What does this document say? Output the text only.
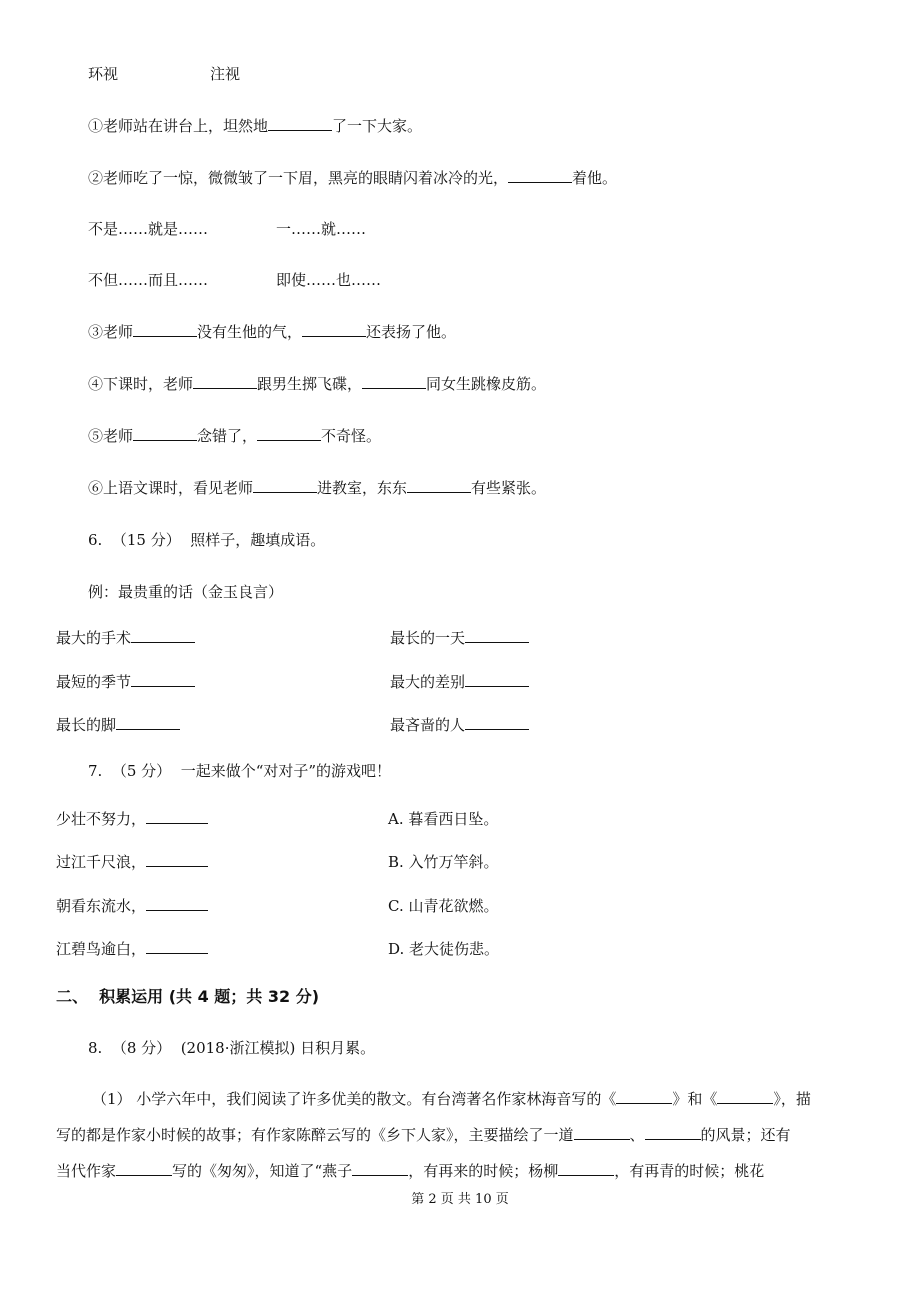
环视	注视
①老师站在讲台上，坦然地	了一下大家。
②老师吃了一惊，微微皱了一下眉，黑亮的眼睛闪着冰冷的光，	着他。
不是……就是……	一……就……
不但……而且……	即使……也……
③老师	没有生他的气，	还表扬了他。
④下课时，老师	跟男生掷飞碟，	同女生跳橡皮筋。
⑤老师	念错了，	不奇怪。
⑥上语文课时，看见老师	进教室，东东	有些紧张。
6.  （15 分）  照样子，趣填成语。
例：最贵重的话（金玉良言）
最大的手术	最长的一天
最短的季节	最大的差别
最长的脚	最吝啬的人
7.  （5 分）  一起来做个“对对子”的游戏吧！
少壮不努力，	A. 暮看西日坠。
过江千尺浪，	B. 入竹万竿斜。
朝看东流水，	C. 山青花欲燃。
江碧鸟逾白，	D. 老大徒伤悲。
二、  积累运用 (共 4 题；共 32 分)
8.  （8 分）  (2018·浙江模拟) 日积月累。
（1） 小学六年中，我们阅读了许多优美的散文。有台湾著名作家林海音写的《	》和《	》，描
写的都是作家小时候的故事；有作家陈醉云写的《乡下人家》，主要描绘了一道	、	的风景；还有
当代作家	写的《匆匆》，知道了“燕子	，有再来的时候；杨柳	，有再青的时候；桃花
第 2 页 共 10 页
